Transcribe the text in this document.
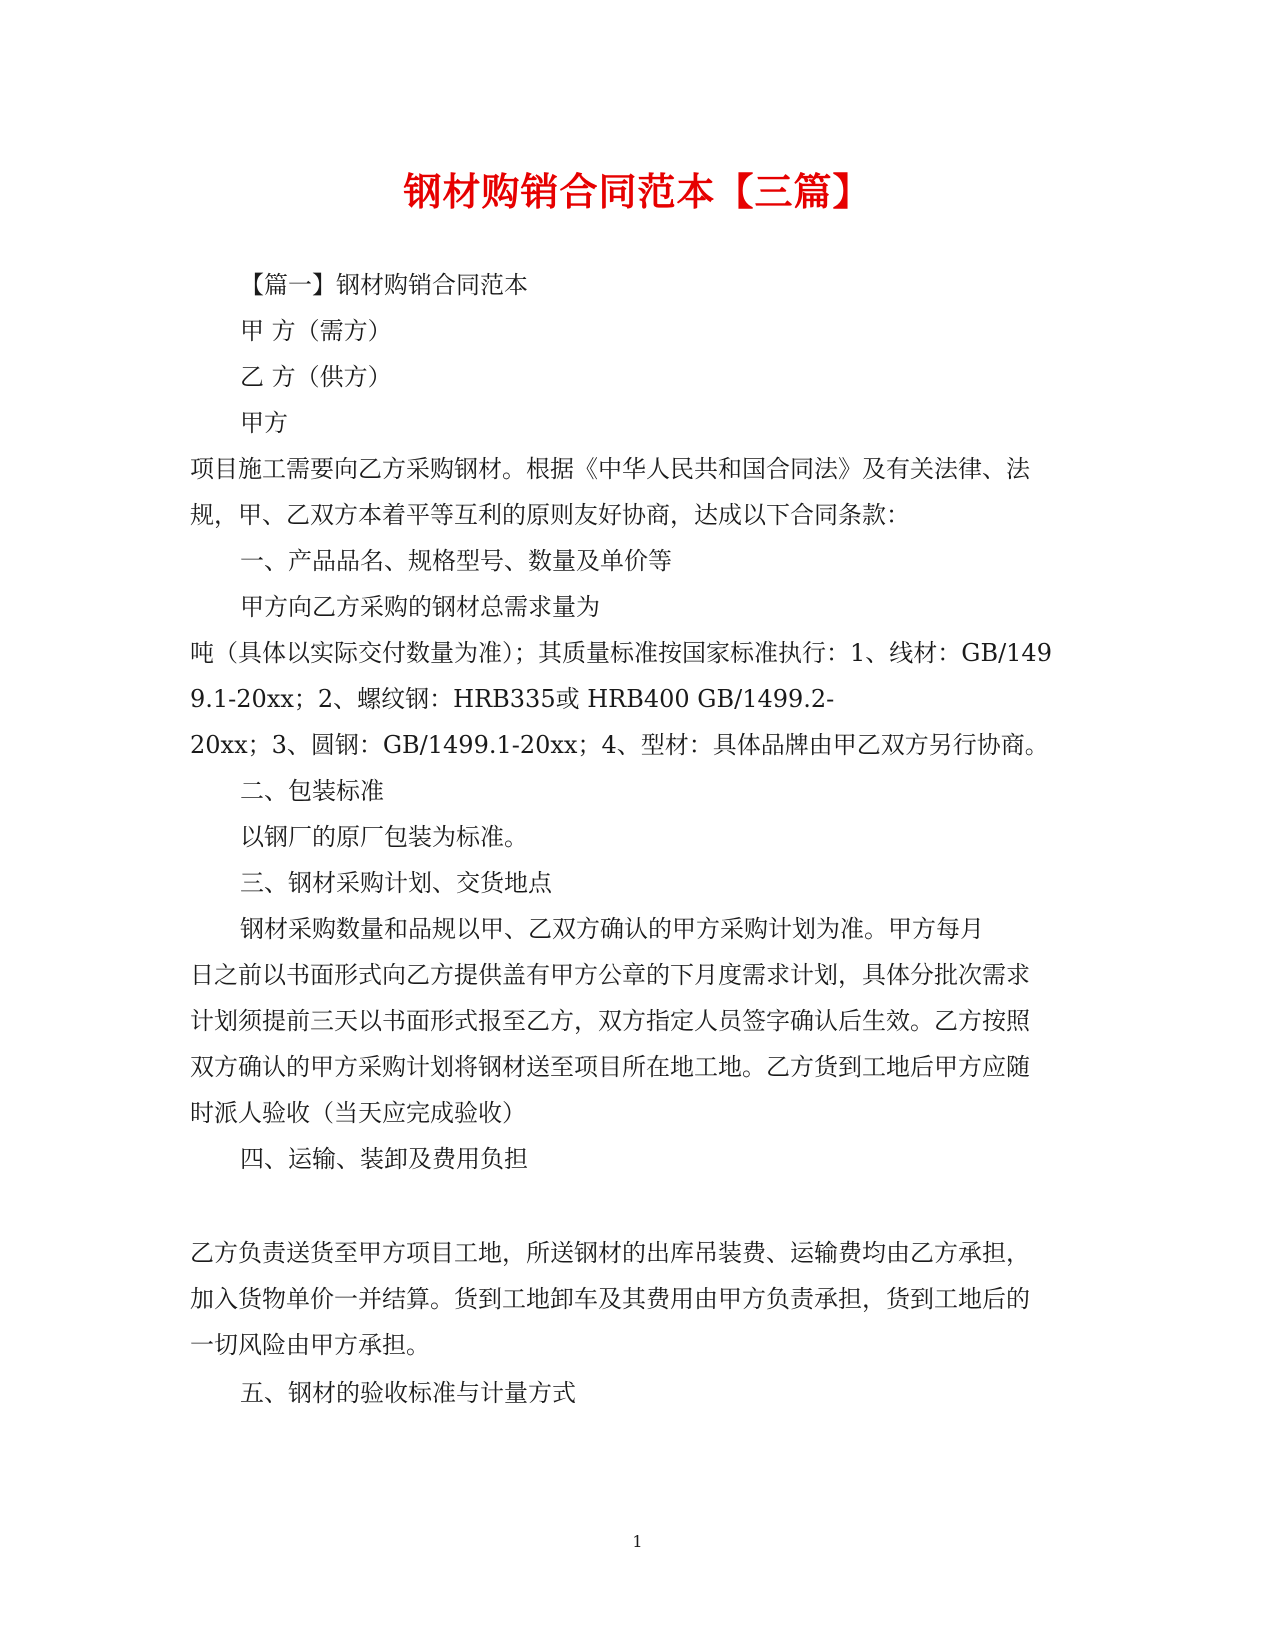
钢材购销合同范本【三篇】

【篇一】钢材购销合同范本

甲 方（需方）

乙 方（供方）

甲方

项目施工需要向乙方采购钢材。根据《中华人民共和国合同法》及有关法律、法

规，甲、乙双方本着平等互利的原则友好协商，达成以下合同条款：

一、产品品名、规格型号、数量及单价等

甲方向乙方采购的钢材总需求量为

吨（具体以实际交付数量为准）；其质量标准按国家标准执行：1、线材：GB/149

9.1-20xx；2、螺纹钢：HRB335或 HRB400 GB/1499.2-

20xx；3、圆钢：GB/1499.1-20xx；4、型材：具体品牌由甲乙双方另行协商。

二、包装标准

以钢厂的原厂包装为标准。

三、钢材采购计划、交货地点

钢材采购数量和品规以甲、乙双方确认的甲方采购计划为准。甲方每月

日之前以书面形式向乙方提供盖有甲方公章的下月度需求计划，具体分批次需求

计划须提前三天以书面形式报至乙方，双方指定人员签字确认后生效。乙方按照

双方确认的甲方采购计划将钢材送至项目所在地工地。乙方货到工地后甲方应随

时派人验收（当天应完成验收）

四、运输、装卸及费用负担

乙方负责送货至甲方项目工地，所送钢材的出库吊装费、运输费均由乙方承担，

加入货物单价一并结算。货到工地卸车及其费用由甲方负责承担，货到工地后的

一切风险由甲方承担。

五、钢材的验收标准与计量方式

1
